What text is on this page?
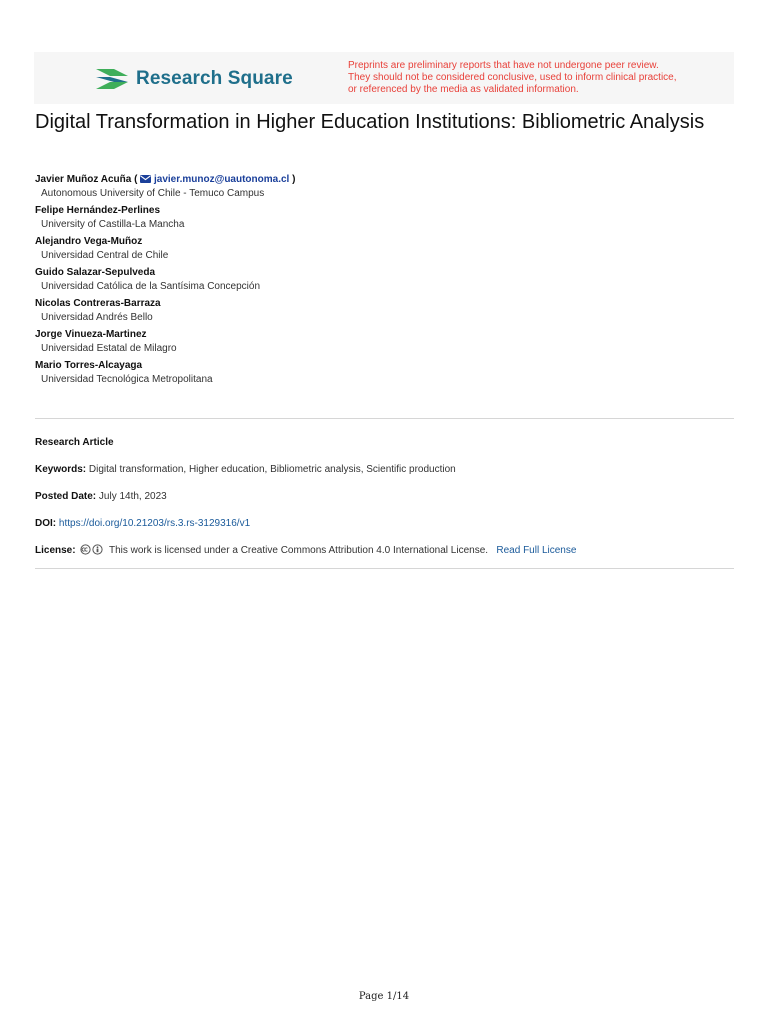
Research Square
Preprints are preliminary reports that have not undergone peer review.
They should not be considered conclusive, used to inform clinical practice,
or referenced by the media as validated information.
Digital Transformation in Higher Education Institutions: Bibliometric Analysis
Javier Muñoz Acuña (  javier.munoz@uautonoma.cl )
Autonomous University of Chile - Temuco Campus
Felipe Hernández-Perlines
University of Castilla-La Mancha
Alejandro Vega-Muñoz
Universidad Central de Chile
Guido Salazar-Sepulveda
Universidad Católica de la Santísima Concepción
Nicolas Contreras-Barraza
Universidad Andrés Bello
Jorge Vinueza-Martinez
Universidad Estatal de Milagro
Mario Torres-Alcayaga
Universidad Tecnológica Metropolitana
Research Article
Keywords: Digital transformation, Higher education, Bibliometric analysis, Scientific production
Posted Date: July 14th, 2023
DOI: https://doi.org/10.21203/rs.3.rs-3129316/v1
License:	This work is licensed under a Creative Commons Attribution 4.0 International License. Read Full License
Page 1/14
